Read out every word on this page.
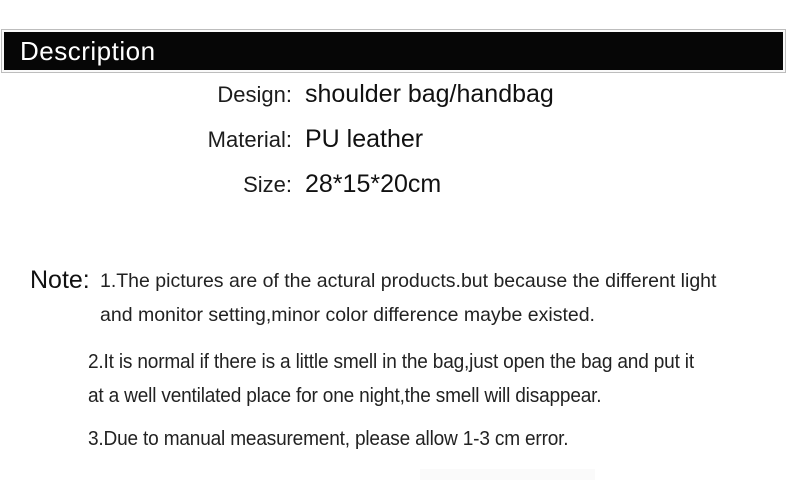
Description
Design: shoulder bag/handbag
Material: PU leather
Size: 28*15*20cm
Note: 1.The pictures are of the actural products.but because the different light

and monitor setting,minor color difference maybe existed.

2.It is normal if there is a little smell in the bag,just open the bag and put it

at a well ventilated place for one night,the smell will disappear.

3.Due to manual measurement, please allow 1-3 cm error.
